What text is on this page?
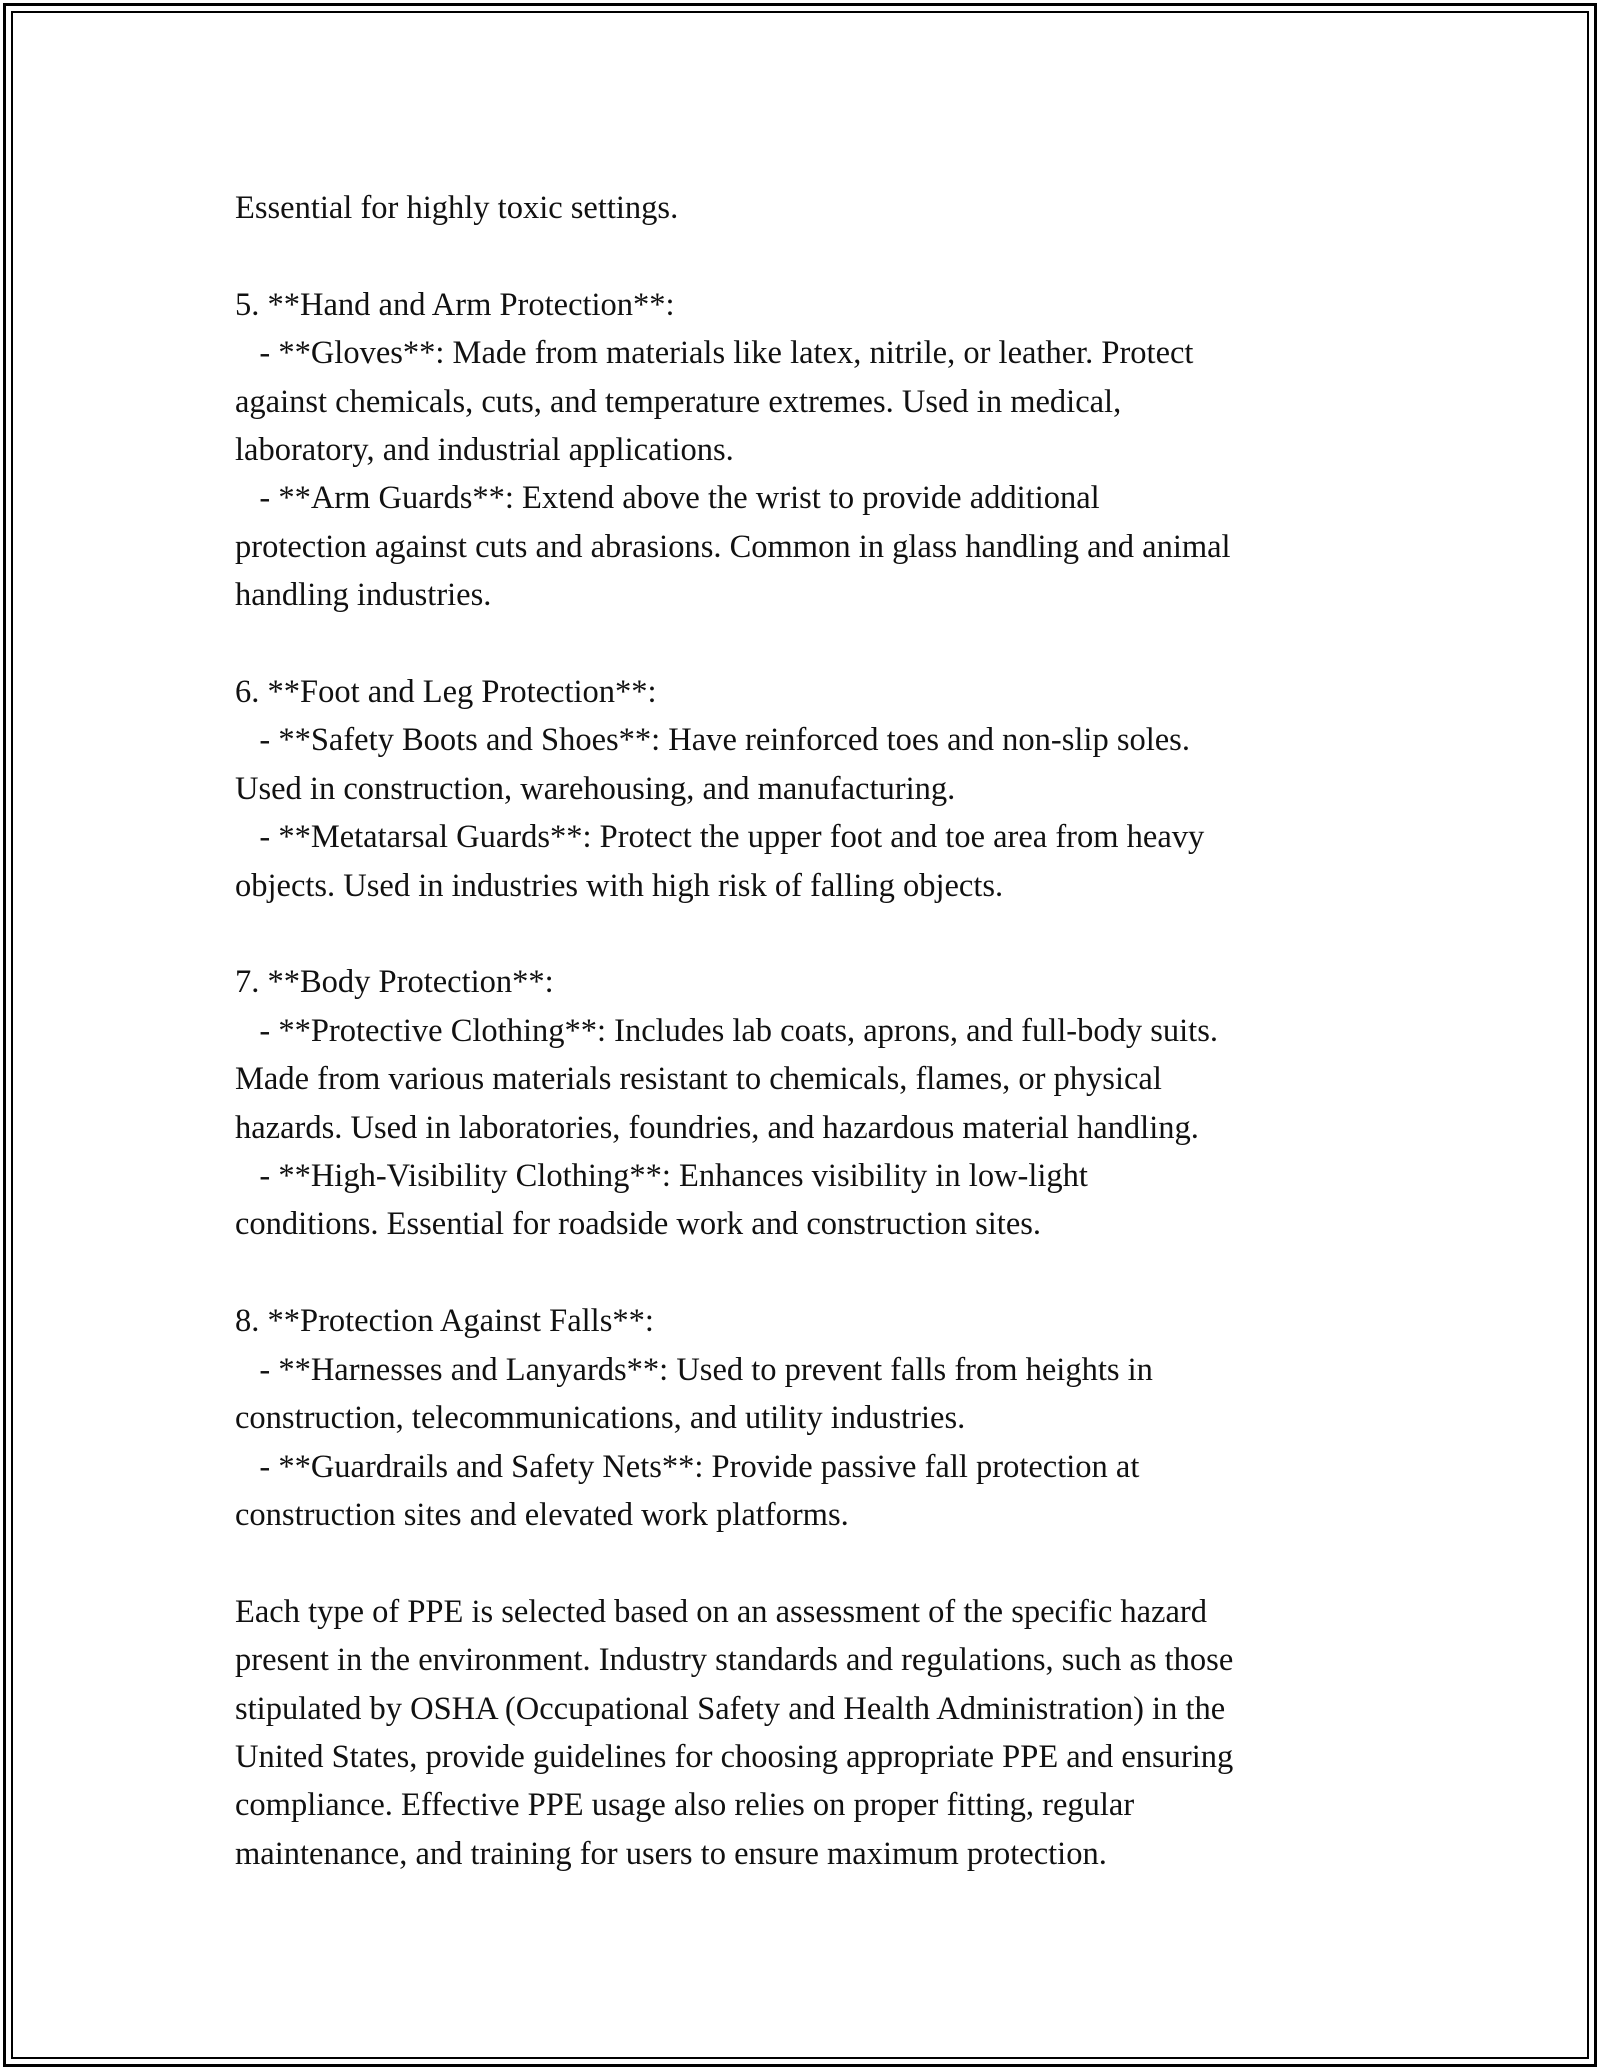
Essential for highly toxic settings.
5. **Hand and Arm Protection**:
- **Gloves**: Made from materials like latex, nitrile, or leather. Protect
against chemicals, cuts, and temperature extremes. Used in medical,
laboratory, and industrial applications.
- **Arm Guards**: Extend above the wrist to provide additional
protection against cuts and abrasions. Common in glass handling and animal
handling industries.
6. **Foot and Leg Protection**:
- **Safety Boots and Shoes**: Have reinforced toes and non-slip soles.
Used in construction, warehousing, and manufacturing.
- **Metatarsal Guards**: Protect the upper foot and toe area from heavy
objects. Used in industries with high risk of falling objects.
7. **Body Protection**:
- **Protective Clothing**: Includes lab coats, aprons, and full-body suits.
Made from various materials resistant to chemicals, flames, or physical
hazards. Used in laboratories, foundries, and hazardous material handling.
- **High-Visibility Clothing**: Enhances visibility in low-light
conditions. Essential for roadside work and construction sites.
8. **Protection Against Falls**:
- **Harnesses and Lanyards**: Used to prevent falls from heights in
construction, telecommunications, and utility industries.
- **Guardrails and Safety Nets**: Provide passive fall protection at
construction sites and elevated work platforms.
Each type of PPE is selected based on an assessment of the specific hazard
present in the environment. Industry standards and regulations, such as those
stipulated by OSHA (Occupational Safety and Health Administration) in the
United States, provide guidelines for choosing appropriate PPE and ensuring
compliance. Effective PPE usage also relies on proper fitting, regular
maintenance, and training for users to ensure maximum protection.
